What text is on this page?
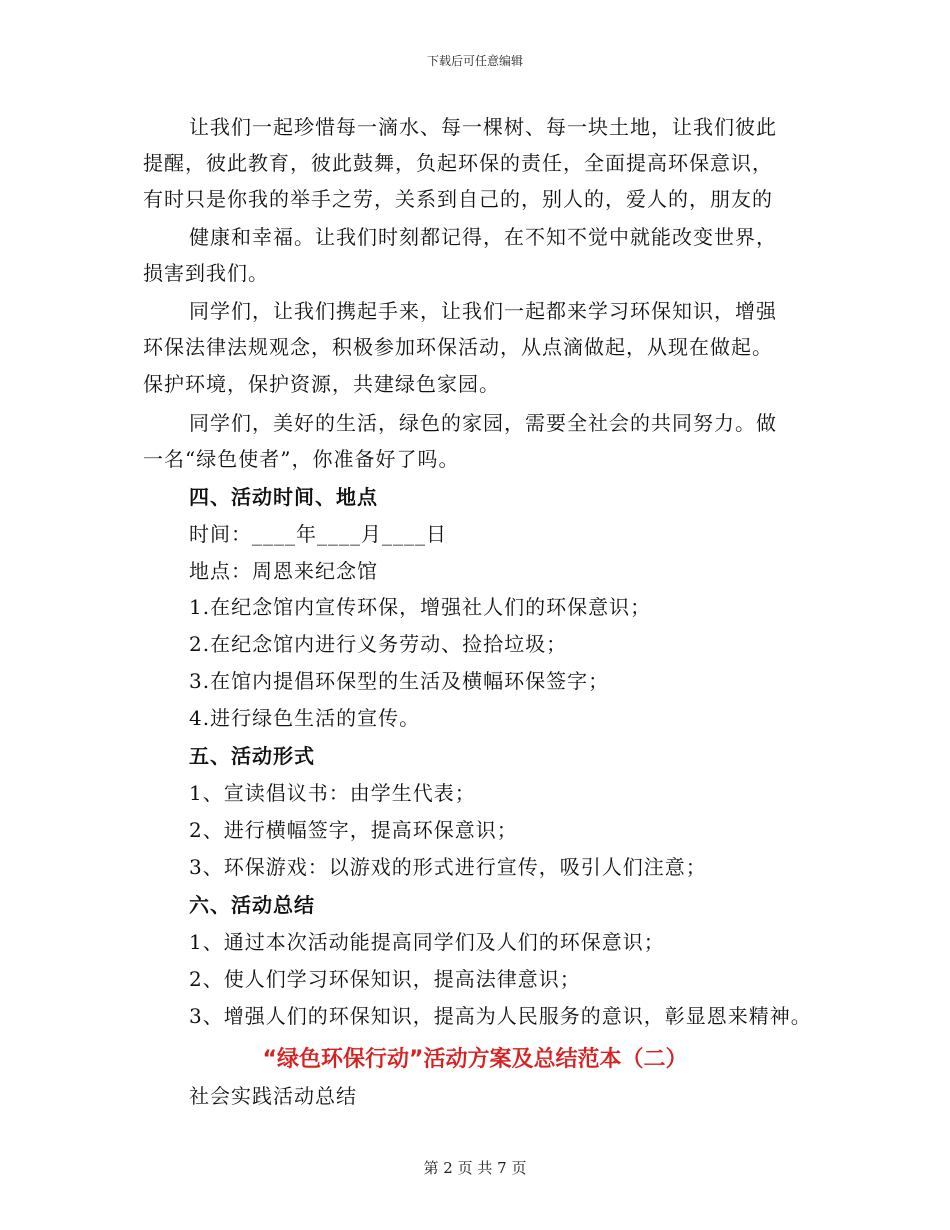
下载后可任意编辑
让我们一起珍惜每一滴水、每一棵树、每一块土地，让我们彼此
提醒，彼此教育，彼此鼓舞，负起环保的责任，全面提高环保意识，
有时只是你我的举手之劳，关系到自己的，别人的，爱人的，朋友的
健康和幸福。让我们时刻都记得，在不知不觉中就能改变世界，
损害到我们。
同学们，让我们携起手来，让我们一起都来学习环保知识，增强
环保法律法规观念，积极参加环保活动，从点滴做起，从现在做起。
保护环境，保护资源，共建绿色家园。
同学们，美好的生活，绿色的家园，需要全社会的共同努力。做
一名“绿色使者”，你准备好了吗。
四、活动时间、地点
时间：____年____月____日
地点：周恩来纪念馆
1.在纪念馆内宣传环保，增强社人们的环保意识；
2.在纪念馆内进行义务劳动、捡拾垃圾；
3.在馆内提倡环保型的生活及横幅环保签字；
4.进行绿色生活的宣传。
五、活动形式
1、宣读倡议书：由学生代表；
2、进行横幅签字，提高环保意识；
3、环保游戏：以游戏的形式进行宣传，吸引人们注意；
六、活动总结
1、通过本次活动能提高同学们及人们的环保意识；
2、使人们学习环保知识，提高法律意识；
3、增强人们的环保知识，提高为人民服务的意识，彰显恩来精神。
“绿色环保行动”活动方案及总结范本（二）
社会实践活动总结
第 2 页 共 7 页
